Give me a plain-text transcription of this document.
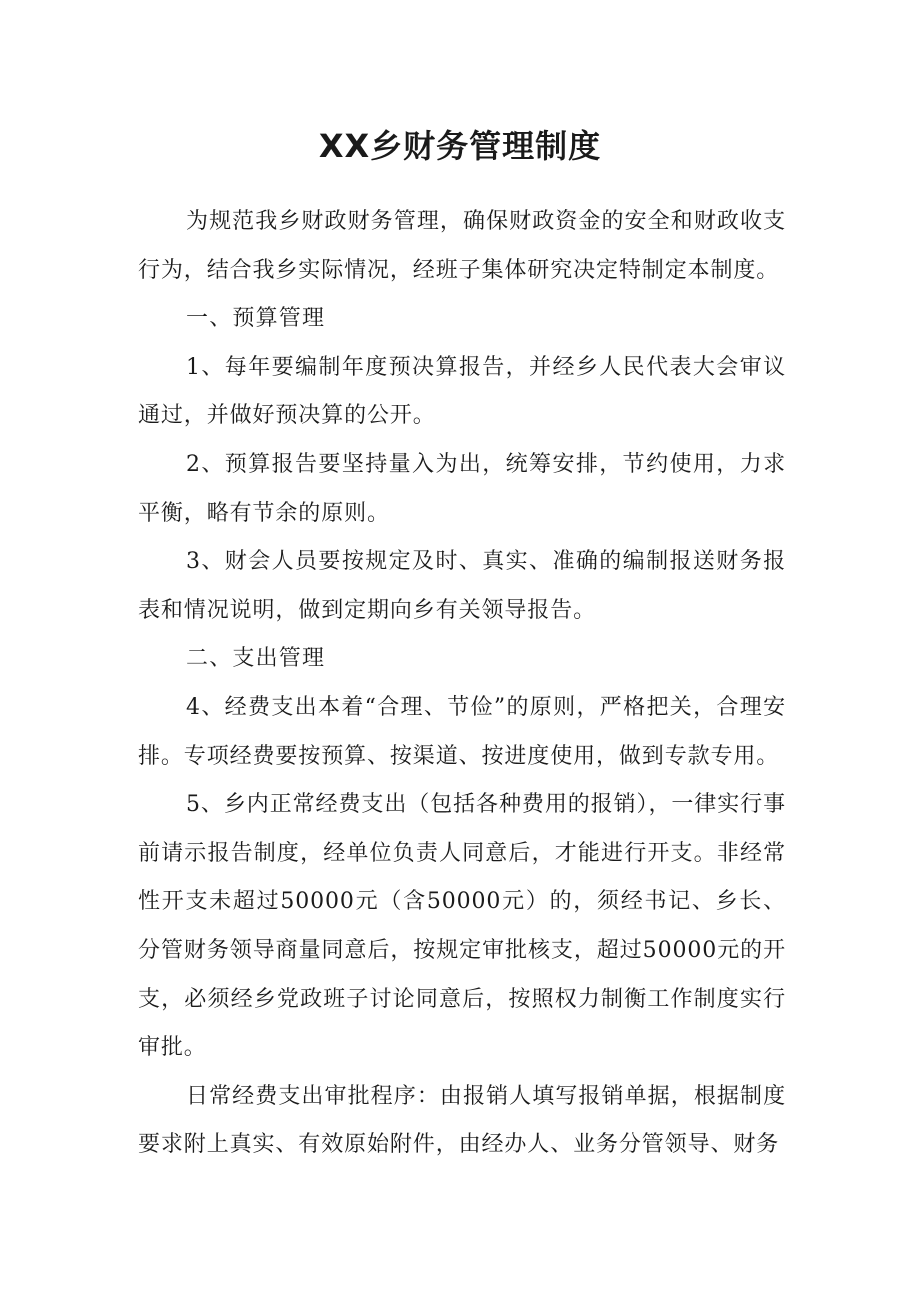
XX乡财务管理制度

为规范我乡财政财务管理，确保财政资金的安全和财政收支行为，结合我乡实际情况，经班子集体研究决定特制定本制度。

一、预算管理

1、每年要编制年度预决算报告，并经乡人民代表大会审议通过，并做好预决算的公开。

2、预算报告要坚持量入为出，统筹安排，节约使用，力求平衡，略有节余的原则。

3、财会人员要按规定及时、真实、准确的编制报送财务报表和情况说明，做到定期向乡有关领导报告。

二、支出管理

4、经费支出本着“合理、节俭”的原则，严格把关，合理安排。专项经费要按预算、按渠道、按进度使用，做到专款专用。

5、乡内正常经费支出（包括各种费用的报销），一律实行事前请示报告制度，经单位负责人同意后，才能进行开支。非经常性开支未超过50000元（含50000元）的，须经书记、乡长、分管财务领导商量同意后，按规定审批核支，超过50000元的开支，必须经乡党政班子讨论同意后，按照权力制衡工作制度实行审批。

日常经费支出审批程序：由报销人填写报销单据，根据制度要求附上真实、有效原始附件，由经办人、业务分管领导、财务
